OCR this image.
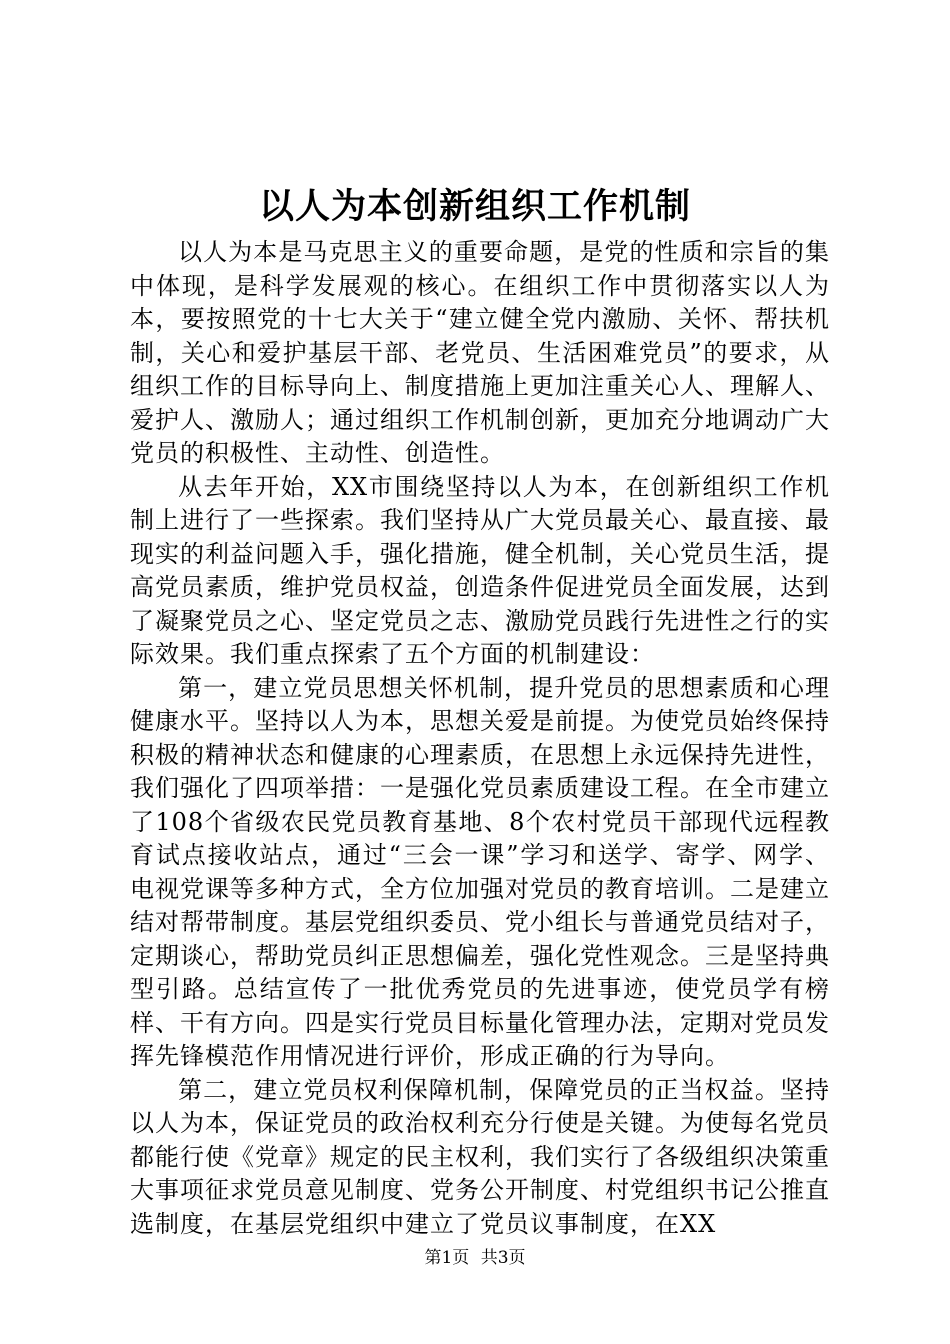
以人为本创新组织工作机制

以人为本是马克思主义的重要命题，是党的性质和宗旨的集中体现，是科学发展观的核心。在组织工作中贯彻落实以人为本，要按照党的十七大关于“建立健全党内激励、关怀、帮扶机制，关心和爱护基层干部、老党员、生活困难党员”的要求，从组织工作的目标导向上、制度措施上更加注重关心人、理解人、爱护人、激励人；通过组织工作机制创新，更加充分地调动广大党员的积极性、主动性、创造性。

从去年开始，XX市围绕坚持以人为本，在创新组织工作机制上进行了一些探索。我们坚持从广大党员最关心、最直接、最现实的利益问题入手，强化措施，健全机制，关心党员生活，提高党员素质，维护党员权益，创造条件促进党员全面发展，达到了凝聚党员之心、坚定党员之志、激励党员践行先进性之行的实际效果。我们重点探索了五个方面的机制建设：

第一，建立党员思想关怀机制，提升党员的思想素质和心理健康水平。坚持以人为本，思想关爱是前提。为使党员始终保持积极的精神状态和健康的心理素质，在思想上永远保持先进性，我们强化了四项举措：一是强化党员素质建设工程。在全市建立了108个省级农民党员教育基地、8个农村党员干部现代远程教育试点接收站点，通过“三会一课”学习和送学、寄学、网学、电视党课等多种方式，全方位加强对党员的教育培训。二是建立结对帮带制度。基层党组织委员、党小组长与普通党员结对子，定期谈心，帮助党员纠正思想偏差，强化党性观念。三是坚持典型引路。总结宣传了一批优秀党员的先进事迹，使党员学有榜样、干有方向。四是实行党员目标量化管理办法，定期对党员发挥先锋模范作用情况进行评价，形成正确的行为导向。

第二，建立党员权利保障机制，保障党员的正当权益。坚持以人为本，保证党员的政治权利充分行使是关键。为使每名党员都能行使《党章》规定的民主权利，我们实行了各级组织决策重大事项征求党员意见制度、党务公开制度、村党组织书记公推直选制度，在基层党组织中建立了党员议事制度，在XX

第1页 共3页
